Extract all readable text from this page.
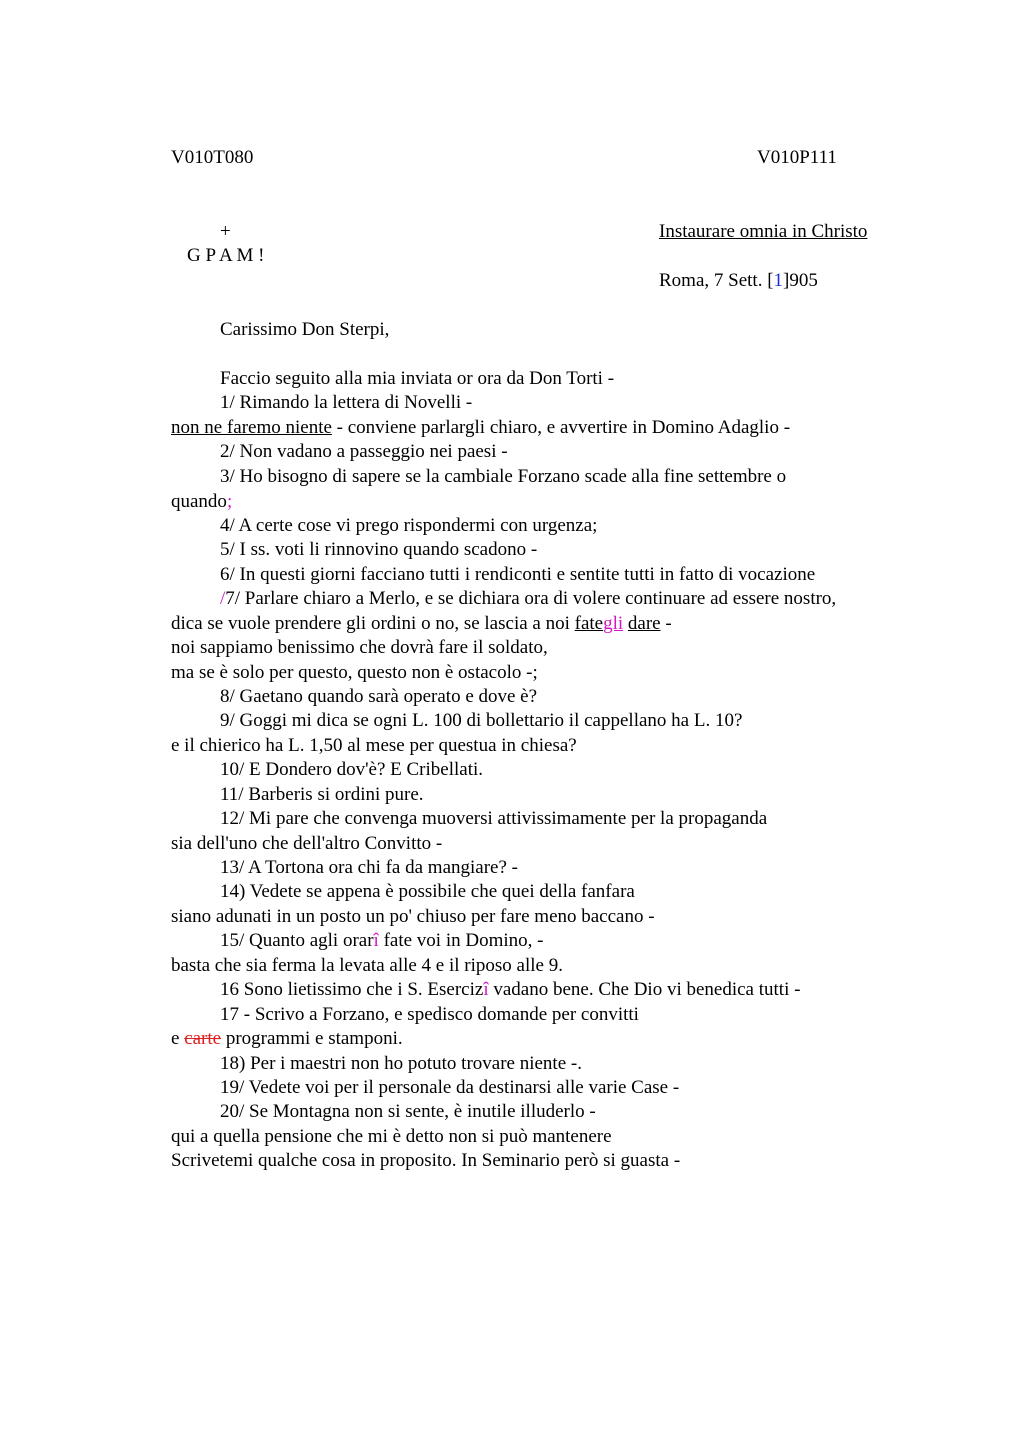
V010T080	V010P111
+
G P A M !
Instaurare omnia in Christo
Roma, 7 Sett. [1]905
Carissimo Don Sterpi,
Faccio seguito alla mia inviata or ora da Don Torti -
1/ Rimando la lettera di Novelli -
non ne faremo niente - conviene parlargli chiaro, e avvertire in Domino Adaglio -
2/ Non vadano a passeggio nei paesi -
3/ Ho bisogno di sapere se la cambiale Forzano scade alla fine settembre o
quando;
4/ A certe cose vi prego rispondermi con urgenza;
5/ I ss. voti li rinnovino quando scadono -
6/ In questi giorni facciano tutti i rendiconti e sentite tutti in fatto di vocazione
/7/ Parlare chiaro a Merlo, e se dichiara ora di volere continuare ad essere nostro,
dica se vuole prendere gli ordini o no, se lascia a noi fategli dare -
noi sappiamo benissimo che dovrà fare il soldato,
ma se è solo per questo, questo non è ostacolo -;
8/ Gaetano quando sarà operato e dove è?
9/ Goggi mi dica se ogni L. 100 di bollettario il cappellano ha L. 10?
e il chierico ha L. 1,50 al mese per questua in chiesa?
10/ E Dondero dov'è? E Cribellati.
11/ Barberis si ordini pure.
12/ Mi pare che convenga muoversi attivissimamente per la propaganda
sia dell'uno che dell'altro Convitto -
13/ A Tortona ora chi fa da mangiare? -
14) Vedete se appena è possibile che quei della fanfara
siano adunati in un posto un po' chiuso per fare meno baccano -
15/ Quanto agli orarî fate voi in Domino, -
basta che sia ferma la levata alle 4 e il riposo alle 9.
16 Sono lietissimo che i S. Esercizî vadano bene. Che Dio vi benedica tutti -
17 - Scrivo a Forzano, e spedisco domande per convitti
e carte programmi e stamponi.
18) Per i maestri non ho potuto trovare niente -.
19/ Vedete voi per il personale da destinarsi alle varie Case -
20/ Se Montagna non si sente, è inutile illuderlo -
qui a quella pensione che mi è detto non si può mantenere
Scrivetemi qualche cosa in proposito. In Seminario però si guasta -
